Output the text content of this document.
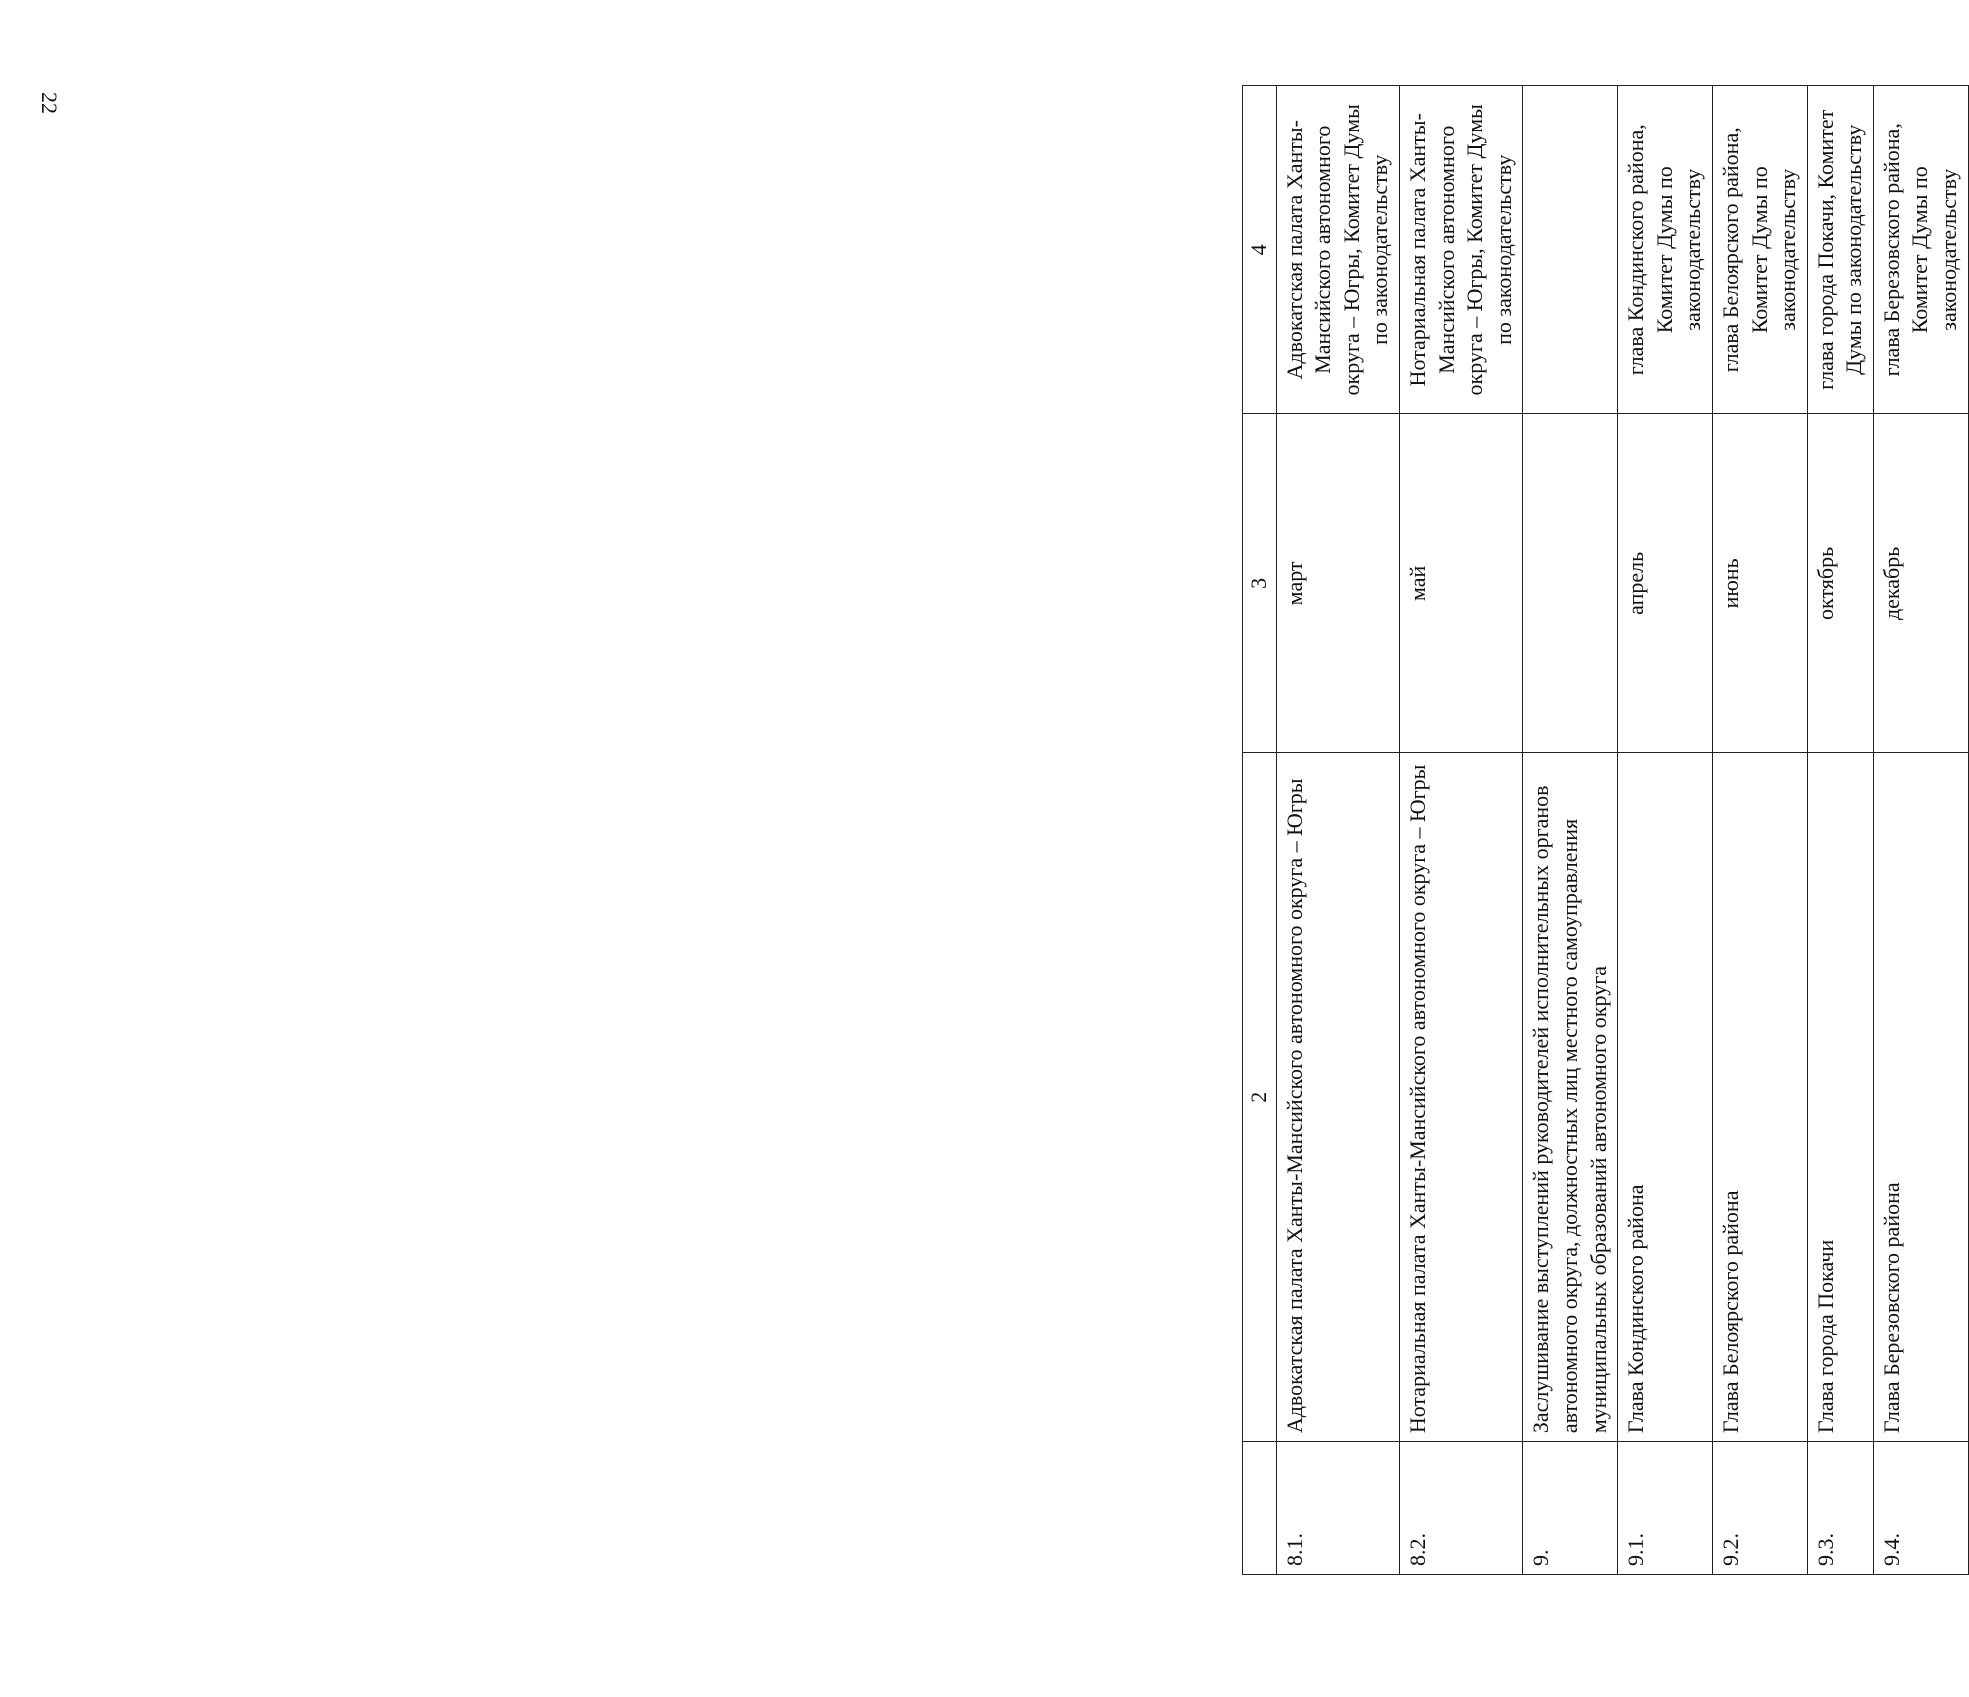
22
	2	3	4
8.1.	Адвокатская палата Ханты-Мансийского автономного округа – Югры	март	Адвокатская палата Ханты-Мансийского автономного округа – Югры, Комитет Думы по законодательству
8.2.	Нотариальная палата Ханты-Мансийского автономного округа – Югры	май	Нотариальная палата Ханты-Мансийского автономного округа – Югры, Комитет Думы по законодательству
9.	Заслушивание выступлений руководителей исполнительных органов автономного округа, должностных лиц местного самоуправления муниципальных образований автономного округа		
9.1.	Глава Кондинского района	апрель	глава Кондинского района, Комитет Думы по законодательству
9.2.	Глава Белоярского района	июнь	глава Белоярского района, Комитет Думы по законодательству
9.3.	Глава города Покачи	октябрь	глава города Покачи, Комитет Думы по законодательству
9.4.	Глава Березовского района	декабрь	глава Березовского района, Комитет Думы по законодательству
